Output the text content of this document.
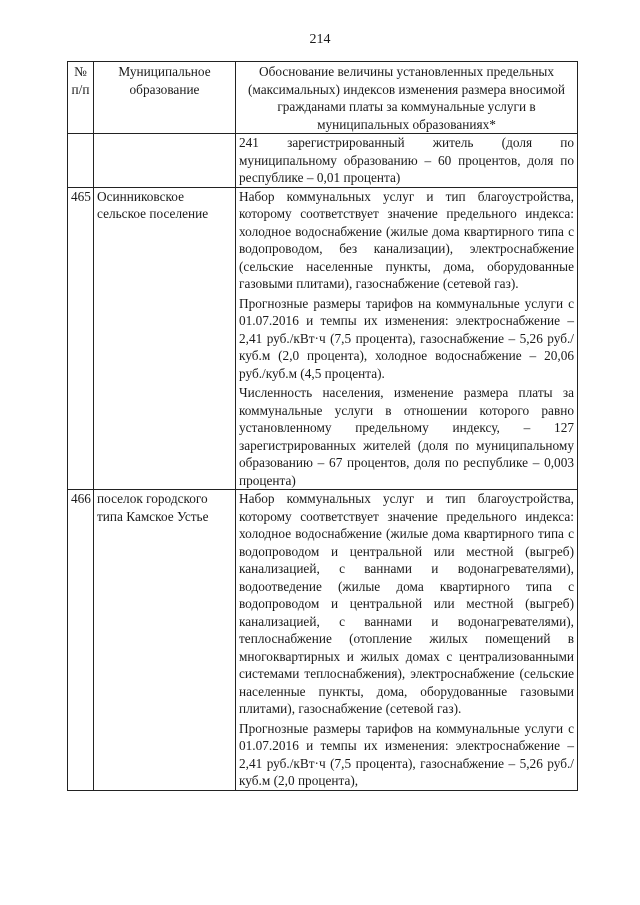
214
№ п/п	Муниципальное образование	Обоснование величины установленных предельных (максимальных) индексов изменения размера вносимой гражданами платы за коммунальные услуги в муниципальных образованиях*

		241 зарегистрированный житель (доля по муниципальному образованию – 60 процентов, доля по республике – 0,01 процента)

465	Осинниковское сельское поселение	Набор коммунальных услуг и тип благоустройства, которому соответствует значение предельного индекса: холодное водоснабжение (жилые дома квартирного типа с водопроводом, без канализации), электроснабжение (сельские населенные пункты, дома, оборудованные газовыми плитами), газоснабжение (сетевой газ).
Прогнозные размеры тарифов на коммунальные услуги с 01.07.2016 и темпы их изменения: электроснабжение – 2,41 руб./кВт·ч (7,5 процента), газоснабжение – 5,26 руб./куб.м (2,0 процента), холодное водоснабжение – 20,06 руб./куб.м (4,5 процента).
Численность населения, изменение размера платы за коммунальные услуги в отношении которого равно установленному предельному индексу, – 127 зарегистрированных жителей (доля по муниципальному образованию – 67 процентов, доля по республике – 0,003 процента)

466	поселок городского типа Камское Устье	Набор коммунальных услуг и тип благоустройства, которому соответствует значение предельного индекса: холодное водоснабжение (жилые дома квартирного типа с водопроводом и центральной или местной (выгреб) канализацией, с ваннами и водонагревателями), водоотведение (жилые дома квартирного типа с водопроводом и центральной или местной (выгреб) канализацией, с ваннами и водонагревателями), теплоснабжение (отопление жилых помещений в многоквартирных и жилых домах с централизованными системами теплоснабжения), электроснабжение (сельские населенные пункты, дома, оборудованные газовыми плитами), газоснабжение (сетевой газ).
Прогнозные размеры тарифов на коммунальные услуги с 01.07.2016 и темпы их изменения: электроснабжение – 2,41 руб./кВт·ч (7,5 процента), газоснабжение – 5,26 руб./куб.м (2,0 процента),
